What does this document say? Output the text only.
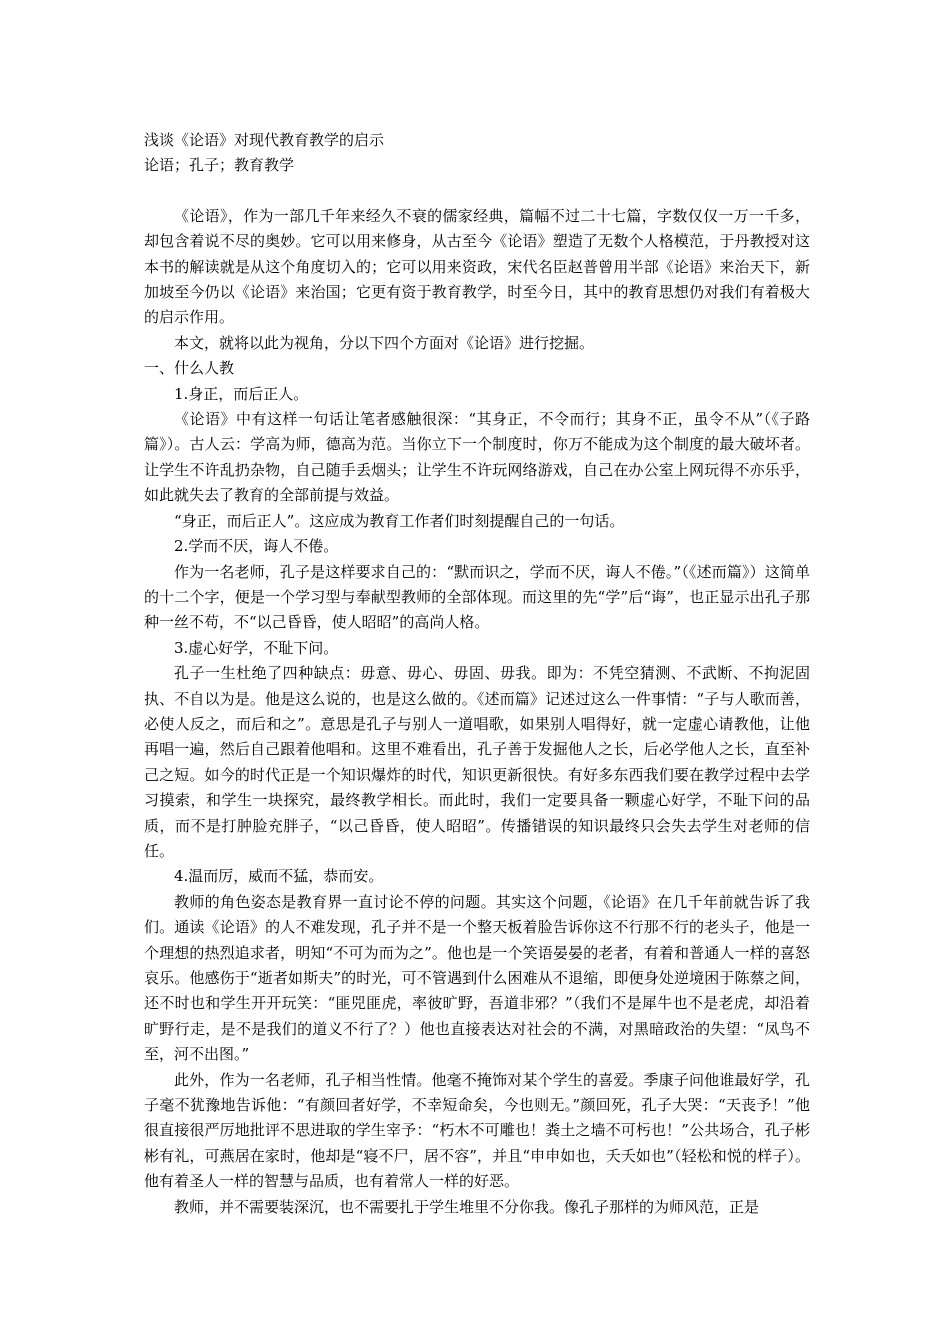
浅谈《论语》对现代教育教学的启示
论语；孔子；教育教学

《论语》，作为一部几千年来经久不衰的儒家经典，篇幅不过二十七篇，字数仅仅一万一千多，却包含着说不尽的奥妙。它可以用来修身，从古至今《论语》塑造了无数个人格模范，于丹教授对这本书的解读就是从这个角度切入的；它可以用来资政，宋代名臣赵普曾用半部《论语》来治天下，新加坡至今仍以《论语》来治国；它更有资于教育教学，时至今日，其中的教育思想仍对我们有着极大的启示作用。

本文，就将以此为视角，分以下四个方面对《论语》进行挖掘。

一、什么人教

1.身正，而后正人。

《论语》中有这样一句话让笔者感触很深：“其身正，不令而行；其身不正，虽令不从”（《子路篇》）。古人云：学高为师，德高为范。当你立下一个制度时，你万不能成为这个制度的最大破坏者。让学生不许乱扔杂物，自己随手丢烟头；让学生不许玩网络游戏，自己在办公室上网玩得不亦乐乎，如此就失去了教育的全部前提与效益。

“身正，而后正人”。这应成为教育工作者们时刻提醒自己的一句话。

2.学而不厌，诲人不倦。

作为一名老师，孔子是这样要求自己的：“默而识之，学而不厌，诲人不倦。”（《述而篇》）这简单的十二个字，便是一个学习型与奉献型教师的全部体现。而这里的先“学”后“诲”，也正显示出孔子那种一丝不苟，不“以己昏昏，使人昭昭”的高尚人格。

3.虚心好学，不耻下问。

孔子一生杜绝了四种缺点：毋意、毋心、毋固、毋我。即为：不凭空猜测、不武断、不拘泥固执、不自以为是。他是这么说的，也是这么做的。《述而篇》记述过这么一件事情：“子与人歌而善，必使人反之，而后和之”。意思是孔子与别人一道唱歌，如果别人唱得好，就一定虚心请教他，让他再唱一遍，然后自己跟着他唱和。这里不难看出，孔子善于发掘他人之长，后必学他人之长，直至补己之短。如今的时代正是一个知识爆炸的时代，知识更新很快。有好多东西我们要在教学过程中去学习摸索，和学生一块探究，最终教学相长。而此时，我们一定要具备一颗虚心好学，不耻下问的品质，而不是打肿脸充胖子，“以己昏昏，使人昭昭”。传播错误的知识最终只会失去学生对老师的信任。

4.温而厉，威而不猛，恭而安。

教师的角色姿态是教育界一直讨论不停的问题。其实这个问题，《论语》在几千年前就告诉了我们。通读《论语》的人不难发现，孔子并不是一个整天板着脸告诉你这不行那不行的老头子，他是一个理想的热烈追求者，明知“不可为而为之”。他也是一个笑语晏晏的老者，有着和普通人一样的喜怒哀乐。他感伤于“逝者如斯夫”的时光，可不管遇到什么困难从不退缩，即便身处逆境困于陈蔡之间，还不时也和学生开开玩笑：“匪兕匪虎，率彼旷野，吾道非邪？”（我们不是犀牛也不是老虎，却沿着旷野行走，是不是我们的道义不行了？）他也直接表达对社会的不满，对黑暗政治的失望：“凤鸟不至，河不出图。”

此外，作为一名老师，孔子相当性情。他毫不掩饰对某个学生的喜爱。季康子问他谁最好学，孔子毫不犹豫地告诉他：“有颜回者好学，不幸短命矣，今也则无。”颜回死，孔子大哭：“天丧予！”他很直接很严厉地批评不思进取的学生宰予：“朽木不可雕也！粪土之墙不可杇也！”公共场合，孔子彬彬有礼，可燕居在家时，他却是“寝不尸，居不容”，并且“申申如也，夭夭如也”（轻松和悦的样子）。他有着圣人一样的智慧与品质，也有着常人一样的好恶。

教师，并不需要装深沉，也不需要扎于学生堆里不分你我。像孔子那样的为师风范，正是
